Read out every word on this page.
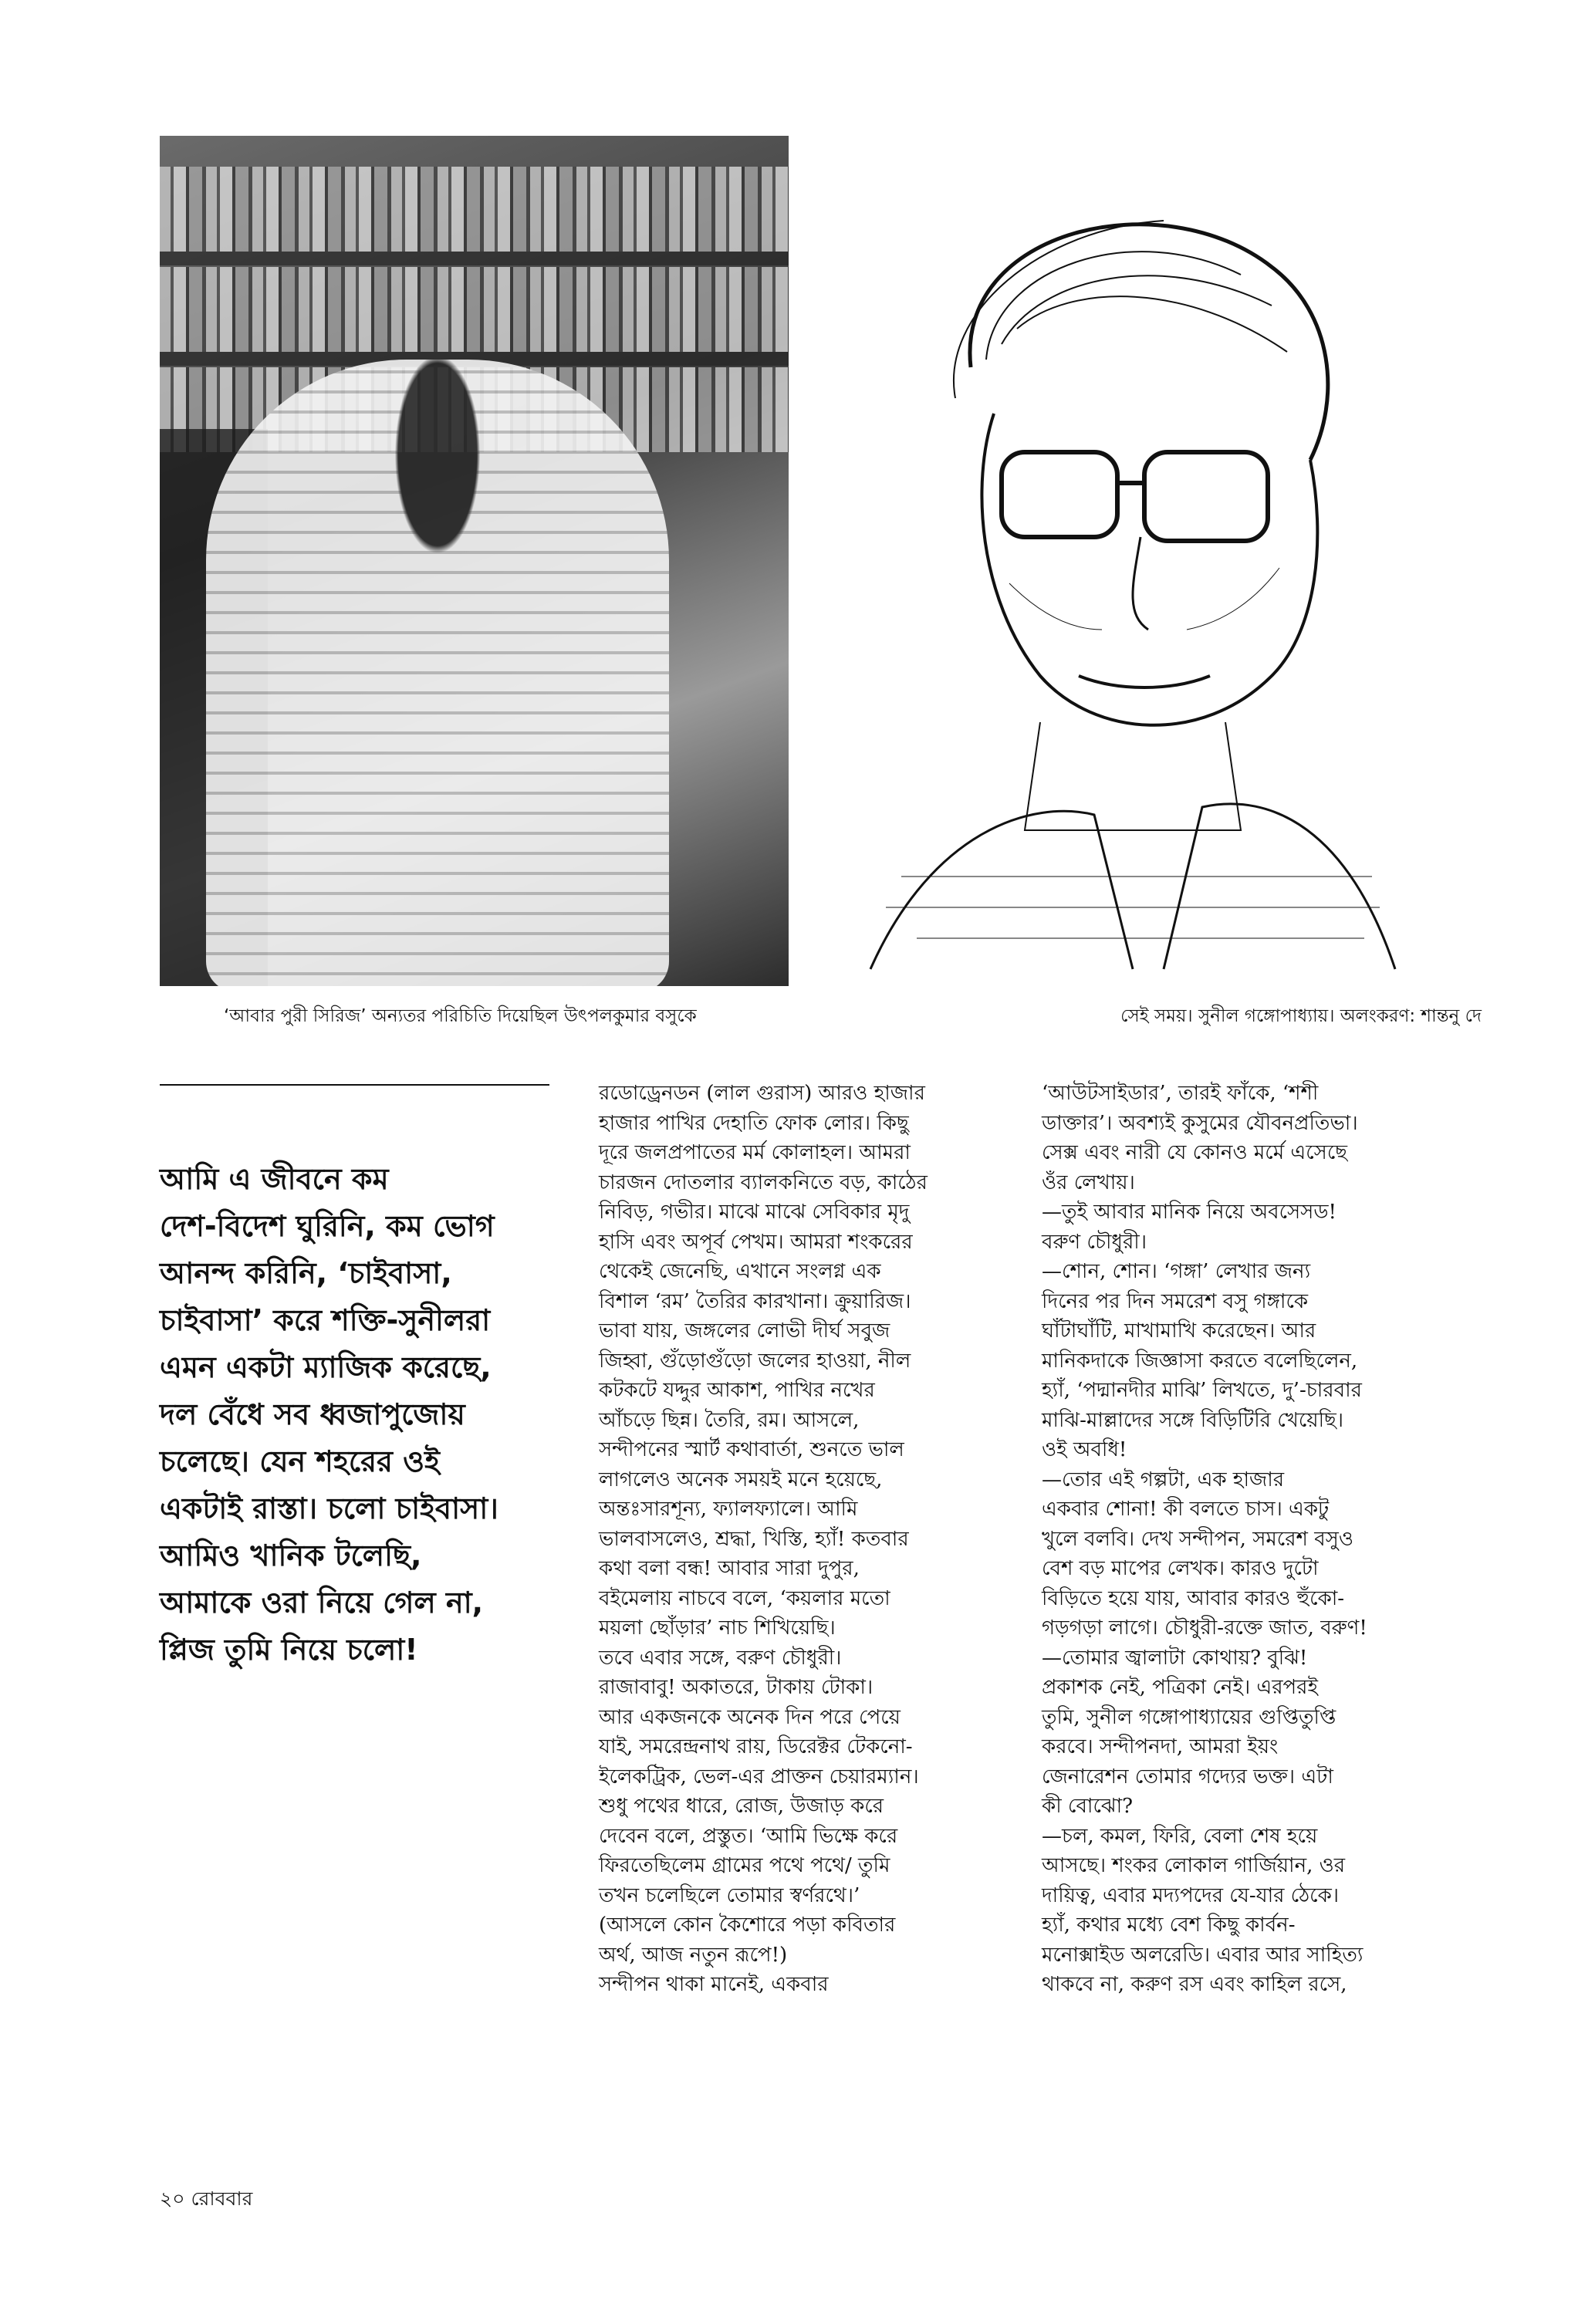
‘আবার পুরী সিরিজ’ অন্যতর পরিচিতি দিয়েছিল উৎপলকুমার বসুকে	সেই সময়। সুনীল গঙ্গোপাধ্যায়। অলংকরণ: শান্তনু দে
আমি এ জীবনে কম
দেশ-বিদেশ ঘুরিনি, কম ভোগ
আনন্দ করিনি, ‘চাইবাসা,
চাইবাসা’ করে শক্তি-সুনীলরা
এমন একটা ম্যাজিক করেছে,
দল বেঁধে সব ধ্বজাপুজোয়
চলেছে। যেন শহরের ওই
একটাই রাস্তা। চলো চাইবাসা।
আমিও খানিক টলেছি,
আমাকে ওরা নিয়ে গেল না,
প্লিজ তুমি নিয়ে চলো!
রডোড্রেনডন (লাল গুরাস) আরও হাজার
হাজার পাখির দেহাতি ফোক লোর। কিছু
দূরে জলপ্রপাতের মর্ম কোলাহল। আমরা
চারজন দোতলার ব্যালকনিতে বড়, কাঠের
নিবিড়, গভীর। মাঝে মাঝে সেবিকার মৃদু
হাসি এবং অপূর্ব পেখম। আমরা শংকরের
থেকেই জেনেছি, এখানে সংলগ্ন এক
বিশাল ‘রম’ তৈরির কারখানা। ক্রুয়ারিজ।
ভাবা যায়, জঙ্গলের লোভী দীর্ঘ সবুজ
জিহ্বা, গুঁড়োগুঁড়ো জলের হাওয়া, নীল
কটকটে যদ্দুর আকাশ, পাখির নখের
আঁচড়ে ছিন্ন। তৈরি, রম। আসলে,
সন্দীপনের স্মার্ট কথাবার্তা, শুনতে ভাল
লাগলেও অনেক সময়ই মনে হয়েছে,
অন্তঃসারশূন্য, ফ্যালফ্যালে। আমি
ভালবাসলেও, শ্রদ্ধা, খিস্তি, হ্যাঁ! কতবার
কথা বলা বন্ধ! আবার সারা দুপুর,
বইমেলায় নাচবে বলে, ‘কয়লার মতো
ময়লা ছোঁড়ার’ নাচ শিখিয়েছি।
তবে এবার সঙ্গে, বরুণ চৌধুরী।
রাজাবাবু! অকাতরে, টাকায় টোকা।
আর একজনকে অনেক দিন পরে পেয়ে
যাই, সমরেন্দ্রনাথ রায়, ডিরেক্টর টেকনো-
ইলেকট্রিক, ভেল-এর প্রাক্তন চেয়ারম্যান।
শুধু পথের ধারে, রোজ, উজাড় করে
দেবেন বলে, প্রস্তুত। ‘আমি ভিক্ষে করে
ফিরতেছিলেম গ্রামের পথে পথে/ তুমি
তখন চলেছিলে তোমার স্বর্ণরথে।’
(আসলে কোন কৈশোরে পড়া কবিতার
অর্থ, আজ নতুন রূপে!)
সন্দীপন থাকা মানেই, একবার
‘আউটসাইডার’, তারই ফাঁকে, ‘শশী
ডাক্তার’। অবশ্যই কুসুমের যৌবনপ্রতিভা।
সেক্স এবং নারী যে কোনও মর্মে এসেছে
ওঁর লেখায়।
—তুই আবার মানিক নিয়ে অবসেসড!
বরুণ চৌধুরী।
—শোন, শোন। ‘গঙ্গা’ লেখার জন্য
দিনের পর দিন সমরেশ বসু গঙ্গাকে
ঘাঁটাঘাঁটি, মাখামাখি করেছেন। আর
মানিকদাকে জিজ্ঞাসা করতে বলেছিলেন,
হ্যাঁ, ‘পদ্মানদীর মাঝি’ লিখতে, দু’-চারবার
মাঝি-মাল্লাদের সঙ্গে বিড়িটিরি খেয়েছি।
ওই অবধি!
—তোর এই গল্পটা, এক হাজার
একবার শোনা! কী বলতে চাস। একটু
খুলে বলবি। দেখ সন্দীপন, সমরেশ বসুও
বেশ বড় মাপের লেখক। কারও দুটো
বিড়িতে হয়ে যায়, আবার কারও হুঁকো-
গড়গড়া লাগে। চৌধুরী-রক্তে জাত, বরুণ!
—তোমার জ্বালাটা কোথায়? বুঝি!
প্রকাশক নেই, পত্রিকা নেই। এরপরই
তুমি, সুনীল গঙ্গোপাধ্যায়ের গুপ্তিতুপ্তি
করবে। সন্দীপনদা, আমরা ইয়ং
জেনারেশন তোমার গদ্যের ভক্ত। এটা
কী বোঝো?
—চল, কমল, ফিরি, বেলা শেষ হয়ে
আসছে। শংকর লোকাল গার্জিয়ান, ওর
দায়িত্ব, এবার মদ্যপদের যে-যার ঠেকে।
হ্যাঁ, কথার মধ্যে বেশ কিছু কার্বন-
মনোক্সাইড অলরেডি। এবার আর সাহিত্য
থাকবে না, করুণ রস এবং কাহিল রসে,
২০ রোববার
